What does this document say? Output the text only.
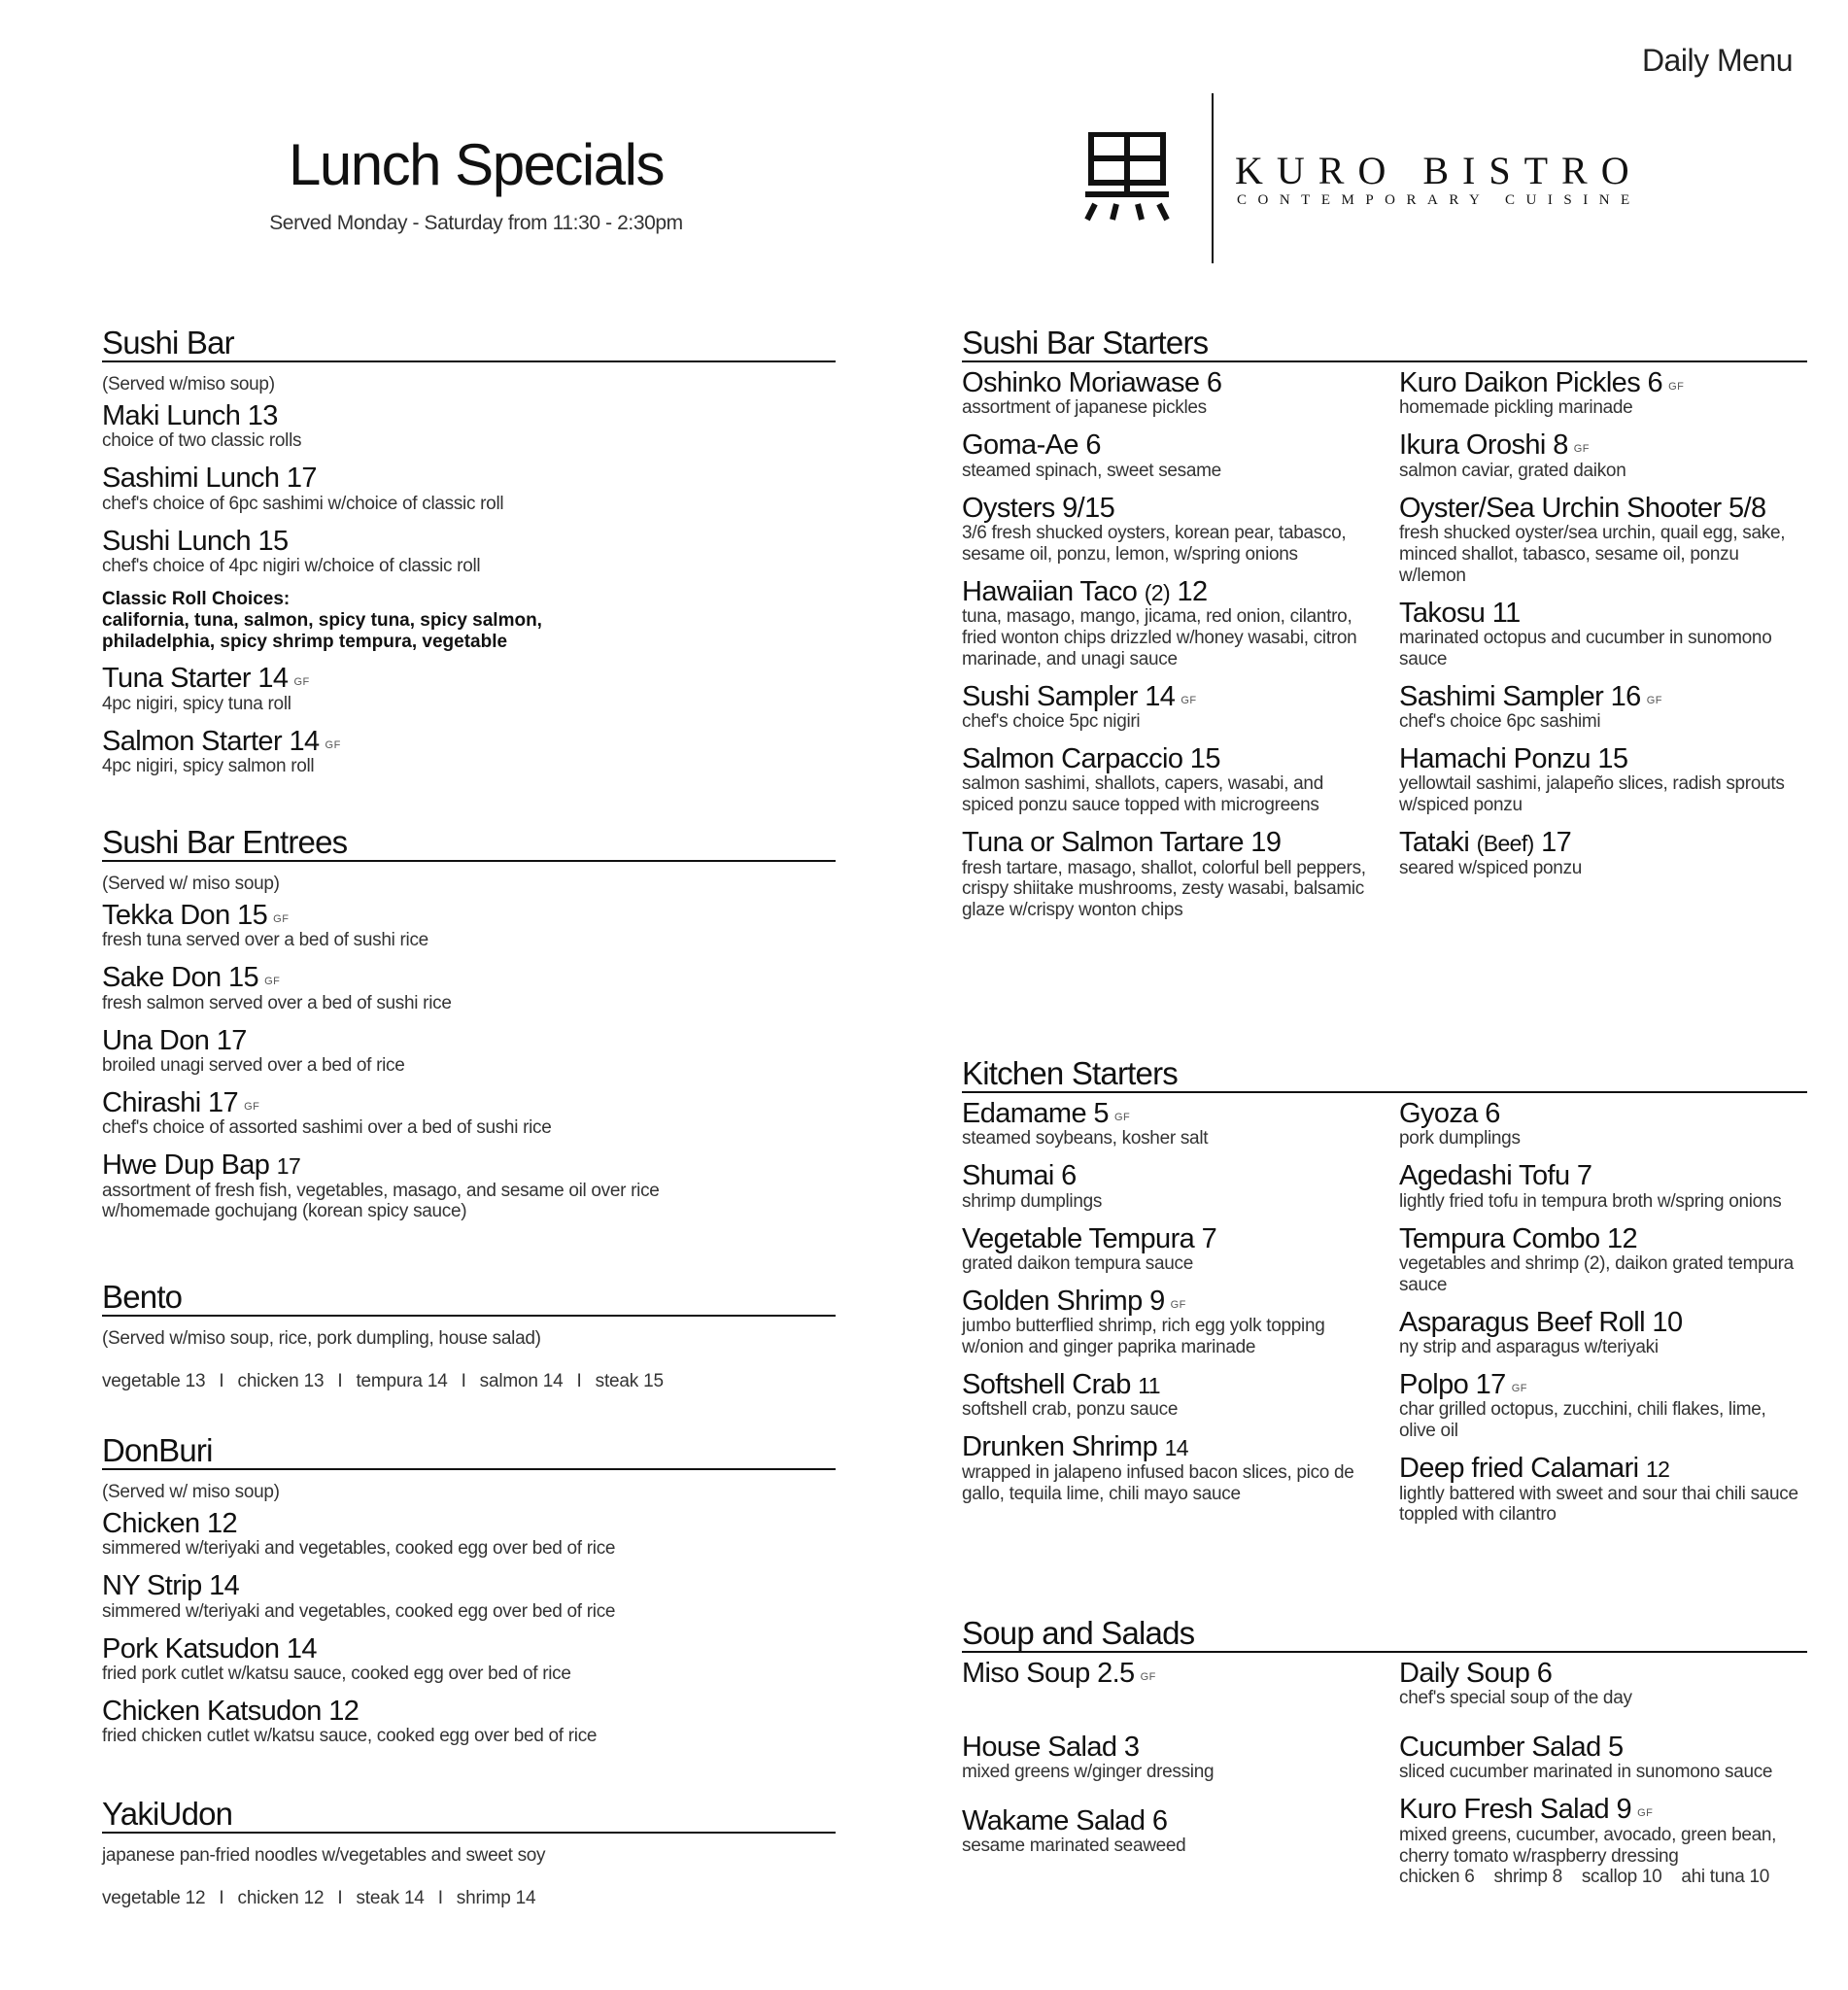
Daily Menu
Lunch Specials
Served Monday - Saturday from 11:30 - 2:30pm
KURO BISTRO
CONTEMPORARY CUISINE
Sushi Bar
(Served w/miso soup)
Maki Lunch 13
choice of two classic rolls
Sashimi Lunch 17
chef's choice of 6pc sashimi w/choice of classic roll
Sushi Lunch 15
chef's choice of 4pc nigiri w/choice of classic roll
Classic Roll Choices:
california, tuna, salmon, spicy tuna, spicy salmon, philadelphia, spicy shrimp tempura, vegetable
Tuna Starter 14 GF
4pc nigiri, spicy tuna roll
Salmon Starter 14 GF
4pc nigiri, spicy salmon roll
Sushi Bar Entrees
(Served w/ miso soup)
Tekka Don 15 GF
fresh tuna served over a bed of sushi rice
Sake Don 15 GF
fresh salmon served over a bed of sushi rice
Una Don 17
broiled unagi served over a bed of rice
Chirashi 17 GF
chef's choice of assorted sashimi over a bed of sushi rice
Hwe Dup Bap 17
assortment of fresh fish, vegetables, masago, and sesame oil over rice w/homemade gochujang (korean spicy sauce)
Bento
(Served w/miso soup, rice, pork dumpling, house salad)
vegetable 13 I chicken 13 I tempura 14 I salmon 14 I steak 15
DonBuri
(Served w/ miso soup)
Chicken 12
simmered w/teriyaki and vegetables, cooked egg over bed of rice
NY Strip 14
simmered w/teriyaki and vegetables, cooked egg over bed of rice
Pork Katsudon 14
fried pork cutlet w/katsu sauce, cooked egg over bed of rice
Chicken Katsudon 12
fried chicken cutlet w/katsu sauce, cooked egg over bed of rice
YakiUdon
japanese pan-fried noodles w/vegetables and sweet soy
vegetable 12 I chicken 12 I steak 14 I shrimp 14
Sushi Bar Starters
Oshinko Moriawase 6
assortment of japanese pickles
Goma-Ae 6
steamed spinach, sweet sesame
Oysters 9/15
3/6 fresh shucked oysters, korean pear, tabasco, sesame oil, ponzu, lemon, w/spring onions
Hawaiian Taco (2) 12
tuna, masago, mango, jicama, red onion, cilantro, fried wonton chips drizzled w/honey wasabi, citron marinade, and unagi sauce
Sushi Sampler 14 GF
chef's choice 5pc nigiri
Salmon Carpaccio 15
salmon sashimi, shallots, capers, wasabi, and spiced ponzu sauce topped with microgreens
Tuna or Salmon Tartare 19
fresh tartare, masago, shallot, colorful bell peppers, crispy shiitake mushrooms, zesty wasabi, balsamic glaze w/crispy wonton chips
Kuro Daikon Pickles 6 GF
homemade pickling marinade
Ikura Oroshi 8 GF
salmon caviar, grated daikon
Oyster/Sea Urchin Shooter 5/8
fresh shucked oyster/sea urchin, quail egg, sake, minced shallot, tabasco, sesame oil, ponzu w/lemon
Takosu 11
marinated octopus and cucumber in sunomono sauce
Sashimi Sampler 16 GF
chef's choice 6pc sashimi
Hamachi Ponzu 15
yellowtail sashimi, jalapeño slices, radish sprouts w/spiced ponzu
Tataki (Beef) 17
seared w/spiced ponzu
Kitchen Starters
Edamame 5 GF
steamed soybeans, kosher salt
Shumai 6
shrimp dumplings
Vegetable Tempura 7
grated daikon tempura sauce
Golden Shrimp 9 GF
jumbo butterflied shrimp, rich egg yolk topping w/onion and ginger paprika marinade
Softshell Crab 11
softshell crab, ponzu sauce
Drunken Shrimp 14
wrapped in jalapeno infused bacon slices, pico de gallo, tequila lime, chili mayo sauce
Gyoza 6
pork dumplings
Agedashi Tofu 7
lightly fried tofu in tempura broth w/spring onions
Tempura Combo 12
vegetables and shrimp (2), daikon grated tempura sauce
Asparagus Beef Roll 10
ny strip and asparagus w/teriyaki
Polpo 17 GF
char grilled octopus, zucchini, chili flakes, lime, olive oil
Deep fried Calamari 12
lightly battered with sweet and sour thai chili sauce toppled with cilantro
Soup and Salads
Miso Soup 2.5 GF
House Salad 3
mixed greens w/ginger dressing
Wakame Salad 6
sesame marinated seaweed
Daily Soup 6
chef's special soup of the day
Cucumber Salad 5
sliced cucumber marinated in sunomono sauce
Kuro Fresh Salad 9 GF
mixed greens, cucumber, avocado, green bean, cherry tomato w/raspberry dressing
chicken 6    shrimp 8    scallop 10    ahi tuna 10
